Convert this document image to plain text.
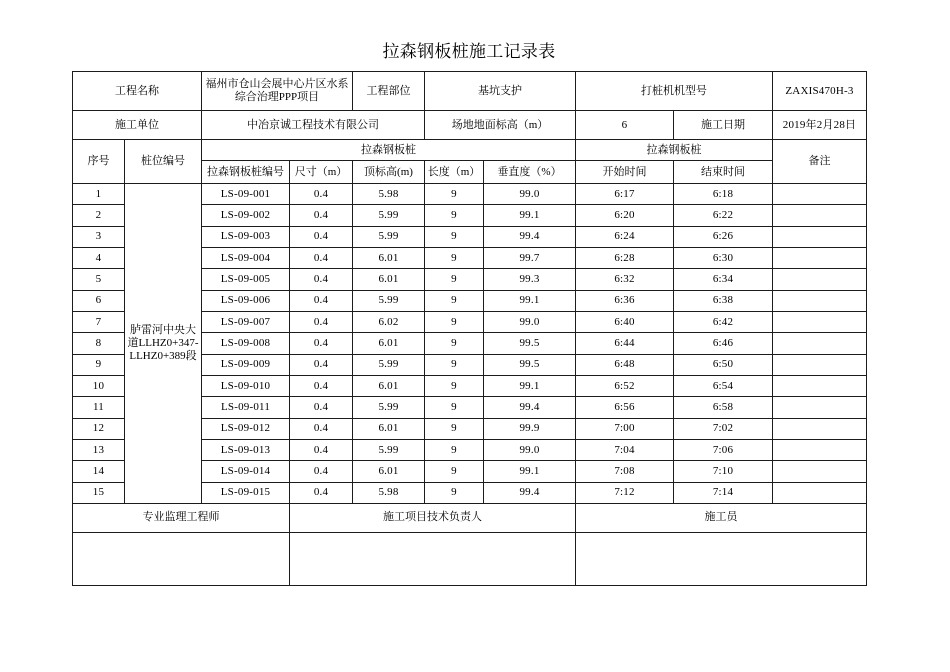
拉森钢板桩施工记录表
工程名称		福州市仓山会展中心片区水系
综合治理PPP项目		工程部位	基坑支护		打桩机机型号		ZAXIS470H-3
施工单位		中冶京诚工程技术有限公司			场地地面标高（m）		6	施工日期	2019年2月28日
序号	桩位编号	拉森钢板桩					拉森钢板桩		备注
		拉森钢板桩编号	尺寸（m）	顶标高(m)	长度（m）	垂直度（%）	开始时间	结束时间	
1	胪雷河中央大
道LLHZ0+347-
LLHZ0+389段	LS-09-001	0.4	5.98	9	99.0	6:17	6:18	
2		LS-09-002	0.4	5.99	9	99.1	6:20	6:22	
3		LS-09-003	0.4	5.99	9	99.4	6:24	6:26	
4		LS-09-004	0.4	6.01	9	99.7	6:28	6:30	
5		LS-09-005	0.4	6.01	9	99.3	6:32	6:34	
6		LS-09-006	0.4	5.99	9	99.1	6:36	6:38	
7		LS-09-007	0.4	6.02	9	99.0	6:40	6:42	
8		LS-09-008	0.4	6.01	9	99.5	6:44	6:46	
9		LS-09-009	0.4	5.99	9	99.5	6:48	6:50	
10		LS-09-010	0.4	6.01	9	99.1	6:52	6:54	
11		LS-09-011	0.4	5.99	9	99.4	6:56	6:58	
12		LS-09-012	0.4	6.01	9	99.9	7:00	7:02	
13		LS-09-013	0.4	5.99	9	99.0	7:04	7:06	
14		LS-09-014	0.4	6.01	9	99.1	7:08	7:10	
15		LS-09-015	0.4	5.98	9	99.4	7:12	7:14	
专业监理工程师			施工项目技术负责人				施工员		
